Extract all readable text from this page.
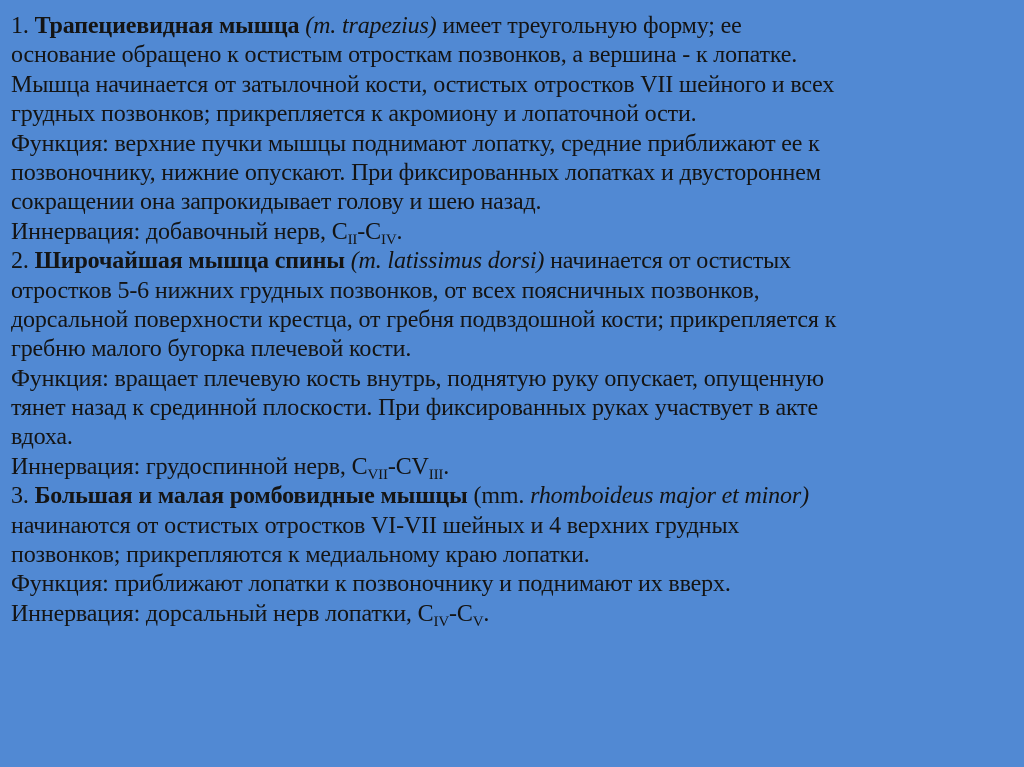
1. Трапециевидная мышца (m. trapezius) имеет треугольную форму; ее
основание обращено к остистым отросткам позвонков, а вершина - к лопатке.
Мышца начинается от затылочной кости, остистых отростков VII шейного и всех
грудных позвонков; прикрепляется к акромиону и лопаточной ости.
Функция: верхние пучки мышцы поднимают лопатку, средние приближают ее к
позвоночнику, нижние опускают. При фиксированных лопатках и двустороннем
сокращении она запрокидывает голову и шею назад.
Иннервация: добавочный нерв, $C_{II}-C_{IV}$.
2. Широчайшая мышца спины (m. latissimus dorsi) начинается от остистых
отростков 5-6 нижних грудных позвонков, от всех поясничных позвонков,
дорсальной поверхности крестца, от гребня подвздошной кости; прикрепляется к
гребню малого бугорка плечевой кости.
Функция: вращает плечевую кость внутрь, поднятую руку опускает, опущенную
тянет назад к срединной плоскости. При фиксированных руках участвует в акте
вдоха.
Иннервация: грудоспинной нерв, $C_{VII}-CV_{III}$.
3. Большая и малая ромбовидные мышцы (mm. rhomboideus major et minor)
начинаются от остистых отростков VI-VII шейных и 4 верхних грудных
позвонков; прикрепляются к медиальному краю лопатки.
Функция: приближают лопатки к позвоночнику и поднимают их вверх.
Иннервация: дорсальный нерв лопатки, $C_{IV}-C_V$.
